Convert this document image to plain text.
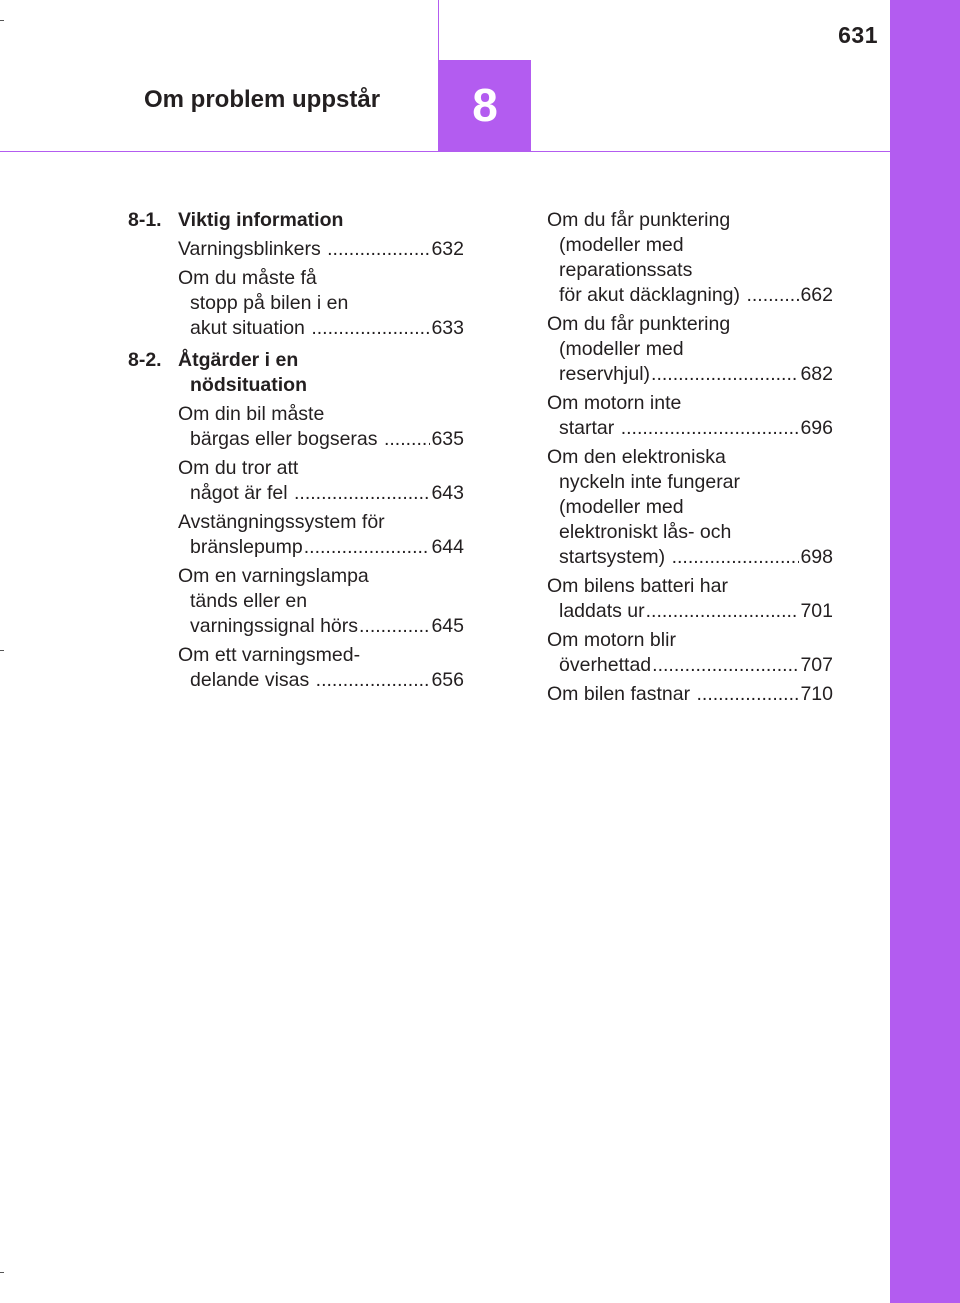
8
Om problem uppstår
631
8-1. Viktig information
Varningsblinkers .....	632
Om du måste få
stopp på bilen i en
akut situation .....	633
8-2. Åtgärder i en
nödsituation
Om din bil måste
bärgas eller bogseras ..... 635
Om du tror att
något är fel .....	643
Avstängningssystem för
bränslepump .....	644
Om en varningslampa
tänds eller en
varningssignal hörs .....	645
Om ett varningsmed-
delande visas .....	656
Om du får punktering
(modeller med
reparationssats
för akut däcklagning) .....	662
Om du får punktering
(modeller med
reservhjul) .....	682
Om motorn inte
startar .....	696
Om den elektroniska
nyckeln inte fungerar
(modeller med
elektroniskt lås- och
startsystem) .....	698
Om bilens batteri har
laddats ur .....	701
Om motorn blir
överhettad .....	707
Om bilen fastnar .....	710
